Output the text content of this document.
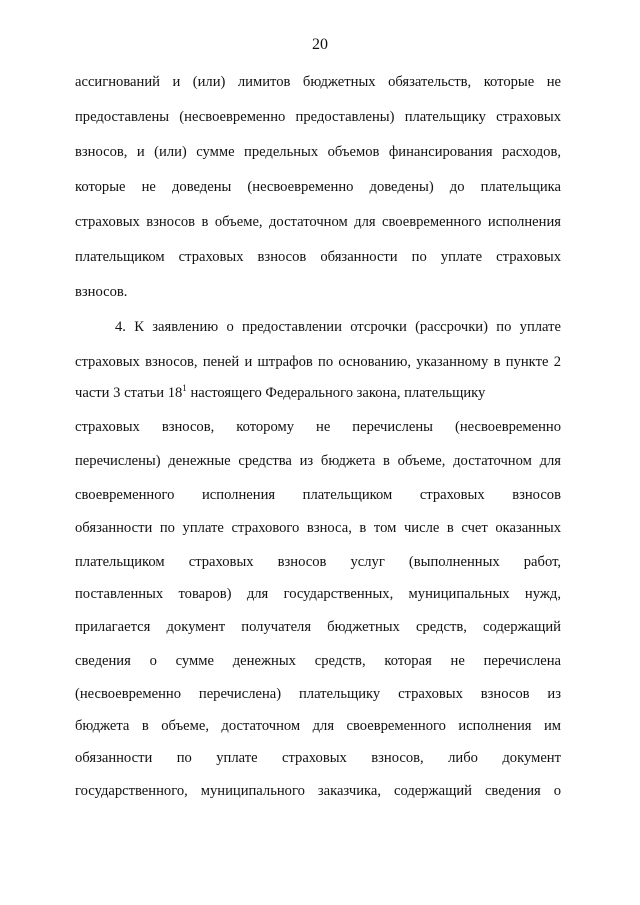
20
ассигнований и (или) лимитов бюджетных обязательств, которые не
предоставлены (несвоевременно предоставлены) плательщику страховых
взносов, и (или) сумме предельных объемов финансирования расходов,
которые не доведены (несвоевременно доведены) до плательщика
страховых взносов в объеме, достаточном для своевременного исполнения
плательщиком страховых взносов обязанности по уплате страховых
взносов.
4. К заявлению о предоставлении отсрочки (рассрочки) по уплате
страховых взносов, пеней и штрафов по основанию, указанному в пункте 2
части 3 статьи $18^1$ настоящего Федерального закона, плательщику
страховых взносов, которому не перечислены (несвоевременно
перечислены) денежные средства из бюджета в объеме, достаточном для
своевременного исполнения плательщиком страховых взносов
обязанности по уплате страхового взноса, в том числе в счет оказанных
плательщиком страховых взносов услуг (выполненных работ,
поставленных товаров) для государственных, муниципальных нужд,
прилагается документ получателя бюджетных средств, содержащий
сведения о сумме денежных средств, которая не перечислена
(несвоевременно перечислена) плательщику страховых взносов из
бюджета в объеме, достаточном для своевременного исполнения им
обязанности по уплате страховых взносов, либо документ
государственного, муниципального заказчика, содержащий сведения о
